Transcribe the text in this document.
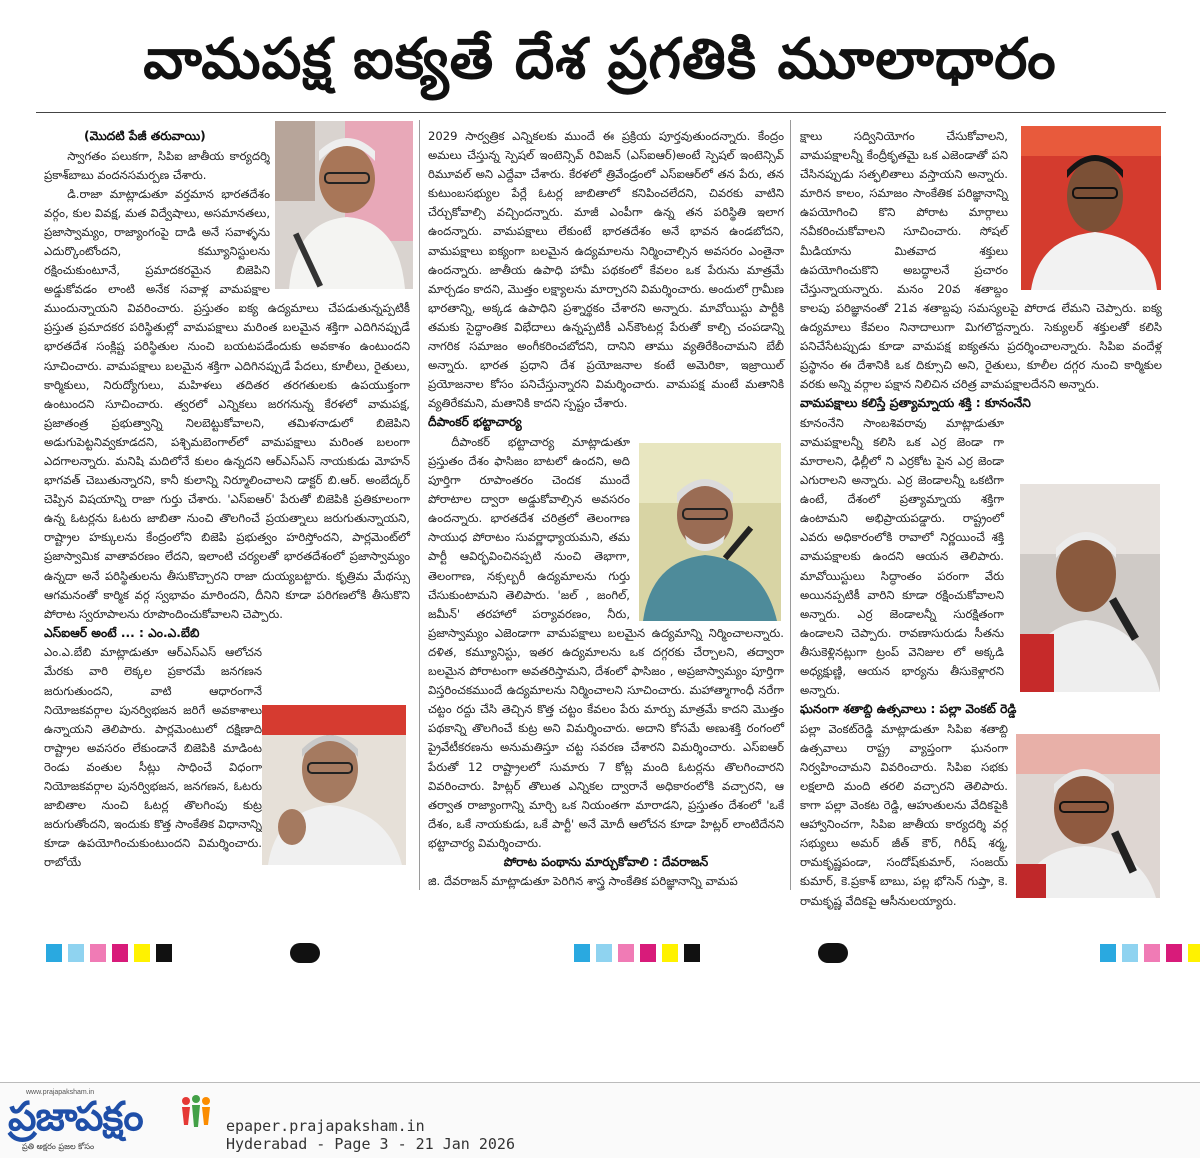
వామపక్ష ఐక్యతే దేశ ప్రగతికి మూలాధారం

(మొదటి పేజీ తరువాయి)

స్వాగతం పలుకగా, సిపిఐ జాతీయ కార్యదర్శి ప్రకాశ్‌బాబు వందనసమర్పణ చేశారు.

డి.రాజా మాట్లాడుతూ వర్తమాన భారతదేశం వర్గం, కుల వివక్ష, మత విద్వేషాలు, అసమానతలు, ప్రజాస్వామ్యం, రాజ్యాంగంపై దాడి అనే సవాళ్ళను ఎదుర్కొంటోందని, కమ్యూనిస్టులను రక్షించుకుంటూనే, ప్రమాదకరమైన బిజెపిని అడ్డుకోవడం లాంటి అనేక సవాళ్ల వామపక్షాల ముందున్నాయని వివరించారు. ప్రస్తుతం ఐక్య ఉద్యమాలు చేపడుతున్నప్పటికీ ప్రస్తుత ప్రమాదకర పరిస్థితుల్లో వామపక్షాలు మరింత బలమైన శక్తిగా ఎదిగినప్పుడే భారతదేశ సంక్లిష్ట పరిస్థితుల నుంచి బయటపడేందుకు అవకాశం ఉంటుందని సూచించారు. వామపక్షాలు బలమైన శక్తిగా ఎదిగినప్పుడే పేదలు, కూలీలు, రైతులు, కార్మికులు, నిరుద్యోగులు, మహిళలు తదితర తరగతులకు ఉపయుక్తంగా ఉంటుందని సూచించారు. త్వరలో ఎన్నికలు జరగనున్న కేరళలో వామపక్ష, ప్రజాతంత్ర ప్రభుత్వాన్ని నిలబెట్టుకోవాలని, తమిళనాడులో బిజెపిని అడుగుపెట్టనివ్వకూడదని, పశ్చిమబెంగాల్‌లో వామపక్షాలు మరింత బలంగా ఎదగాలన్నారు. మనిషి మదిలోనే కులం ఉన్నదని ఆర్‌ఎస్‌ఎస్ నాయకుడు మోహన్ భాగవత్ చెబుతున్నారని, కానీ కులాన్ని నిర్మూలించాలని డాక్టర్ బి.ఆర్. అంబేద్కర్ చెప్పిన విషయాన్ని రాజా గుర్తు చేశారు. 'ఎస్‌ఐఆర్' పేరుతో బిజెపికి ప్రతికూలంగా ఉన్న ఓటర్లను ఓటరు జాబితా నుంచి తొలగించే ప్రయత్నాలు జరుగుతున్నాయని, రాష్ట్రాల హక్కులను కేంద్రంలోని బిజెపి ప్రభుత్వం హరిస్తోందని, పార్లమెంట్‌లో ప్రజాస్వామిక వాతావరణం లేదని, ఇలాంటి చర్యలతో భారతదేశంలో ప్రజాస్వామ్యం ఉన్నదా అనే పరిస్థితులను తీసుకొచ్చారని రాజా దుయ్యబట్టారు. కృత్రిమ మేథస్సు ఆగమనంతో కార్మిక వర్గ స్వభావం మారిందని, దీనిని కూడా పరిగణలోకి తీసుకొని పోరాట స్వరూపాలను రూపొందించుకోవాలని చెప్పారు.

ఎస్‌ఐఆర్ అంటే ... : ఎం.ఎ.బేబి

ఎం.ఎ.బేబి మాట్లాడుతూ ఆర్‌ఎస్‌ఎస్ ఆలోచన మేరకు వారి లెక్కల ప్రకారమే జనగణన జరుగుతుందని, వాటి ఆధారంగానే నియోజకవర్గాల పునర్విభజన జరిగే అవకాశాలు ఉన్నాయని తెలిపారు. పార్లమెంటులో దక్షిణాది రాష్ట్రాల అవసరం లేకుండానే బిజెపికి మాడింట రెండు వంతుల సీట్లు సాధించే విధంగా నియోజకవర్గాల పునర్విభజన, జనగణన, ఓటరు జాబితాల నుంచి ఓటర్ల తొలగింపు కుట్ర జరుగుతోందని, ఇందుకు కొత్త సాంకేతిక విధానాన్ని కూడా ఉపయోగించుకుంటుందని విమర్శించారు. రాబోయే

2029 సార్వత్రిక ఎన్నికలకు ముందే ఈ ప్రక్రియ పూర్తవుతుందన్నారు. కేంద్రం అమలు చేస్తున్న స్పెషల్ ఇంటెన్సివ్ రివిజన్ (ఎస్‌ఐఆర్)అంటే స్పెషల్ ఇంటెన్సివ్ రిమూవల్ అని ఎద్దేవా చేశారు. కేరళలో త్రివేండ్రంలో ఎస్‌ఐఆర్‌లో తన పేరు, తన కుటుంబసభ్యుల పేర్లే ఓటర్ల జాబితాలో కనిపించలేదని, చివరకు వాటిని చేర్చుకోవాల్సి వచ్చిందన్నారు. మాజీ ఎంపీగా ఉన్న తన పరిస్థితి ఇలాగ ఉందన్నారు. వామపక్షాలు లేకుంటే భారతదేశం అనే భావన ఉండబోదని, వామపక్షాలు ఐక్యంగా బలమైన ఉద్యమాలను నిర్మించాల్సిన అవసరం ఎంతైనా ఉందన్నారు. జాతీయ ఉపాధి హామీ పథకంలో కేవలం ఒక పేరును మాత్రమే మార్చడం కాదని, మొత్తం లక్ష్యాలను మార్చారని విమర్శించారు. అందులో గ్రామీణ భారతాన్ని, అక్కడ ఉపాధిని ప్రశ్నార్థకం చేశారని అన్నారు. మావోయిస్టు పార్టీకి తమకు సైద్ధాంతిక విభేదాలు ఉన్నప్పటికీ ఎన్‌కౌంటర్ల పేరుతో కాల్చి చంపడాన్ని నాగరిక సమాజం అంగీకరించబోదని, దానిని తాము వ్యతిరేకించామని బేబీ అన్నారు. భారత ప్రధాని దేశ ప్రయోజనాల కంటే అమెరికా, ఇజ్రాయిల్ ప్రయోజనాల కోసం పనిచేస్తున్నారని విమర్శించారు. వామపక్ష మంటే మతానికి వ్యతిరేకమని, మతానికి కాదని స్పష్టం చేశారు.

దీపాంకర్ భట్టాచార్య

దీపాంకర్ భట్టాచార్య మాట్లాడుతూ ప్రస్తుతం దేశం ఫాసిజం బాటలో ఉందని, అది పూర్తిగా రూపాంతరం చెందక ముందే పోరాటాల ద్వారా అడ్డుకోవాల్సిన అవసరం ఉందన్నారు. భారతదేశ చరిత్రలో తెలంగాణ సాయుధ పోరాటం సువర్ణాధ్యాయమని, తమ పార్టీ ఆవిర్భవించినప్పటి నుంచి తెభాగా, తెలంగాణ, నక్సల్బరీ ఉద్యమాలను గుర్తు చేసుకుంటామని తెలిపారు. 'జల్ , జంగిల్, జమీన్' తరహాలో పర్యావరణం, నీరు, ప్రజాస్వామ్యం ఎజెండాగా వామపక్షాలు బలమైన ఉద్యమాన్ని నిర్మించాలన్నారు. దళిత, కమ్యూనిస్టు, ఇతర ఉద్యమాలను ఒక దగ్గరకు చేర్చాలని, తద్వారా బలమైన పోరాటంగా అవతరిస్తామని, దేశంలో ఫాసిజం , అప్రజాస్వామ్యం పూర్తిగా విస్తరించకముందే ఉద్యమాలను నిర్మించాలని సూచించారు. మహాత్మాగాంధీ నరేగా చట్టం రద్దు చేసి తెచ్చిన కొత్త చట్టం కేవలం పేరు మార్పు మాత్రమే కాదని మొత్తం పథకాన్ని తొలగించే కుట్ర అని విమర్శించారు. అదాని కోసమే అణుశక్తి రంగంలో ప్రైవేటీకరణను అనుమతిస్తూ చట్ట సవరణ చేశారని విమర్శించారు. ఎస్‌ఐఆర్ పేరుతో 12 రాష్ట్రాలలో సుమారు 7 కోట్ల మంది ఓటర్లను తొలగించారని వివరించారు. హిట్లర్ తొలుత ఎన్నికల ద్వారానే అధికారంలోకి వచ్చారని, ఆ తర్వాత రాజ్యాంగాన్ని మార్చి ఒక నియంతగా మారాడని, ప్రస్తుతం దేశంలో 'ఒకే దేశం, ఒకే నాయకుడు, ఒకే పార్టీ' అనే మోదీ ఆలోచన కూడా హిట్లర్ లాంటిదేనని భట్టాచార్య విమర్శించారు.

పోరాట పంథాను మార్చుకోవాలి : దేవరాజన్

జి. దేవరాజన్ మాట్లాడుతూ పెరిగిన శాస్త్ర సాంకేతిక పరిజ్ఞానాన్ని వామప

క్షాలు సద్వినియోగం చేసుకోవాలని, వామపక్షాలన్నీ కేంద్రీకృతమై ఒక ఎజెండాతో పని చేసినప్పుడు సత్ఫలితాలు వస్తాయని అన్నారు. మారిన కాలం, సమాజం సాంకేతిక పరిజ్ఞానాన్ని ఉపయోగించి కొని పోరాట మార్గాలు నవీకరించుకోవాలని సూచించారు. సోషల్ మీడియాను మితవాద శక్తులు ఉపయోగించుకొని అబద్ధాలనే ప్రచారం చేస్తున్నాయన్నారు. మనం 20వ శతాబ్దం కాలపు పరిజ్ఞానంతో 21వ శతాబ్దపు సమస్యలపై పోరాడ లేమని చెప్పారు. ఐక్య ఉద్యమాలు కేవలం నినాదాలుగా మిగలొద్దన్నారు. సెక్యులర్ శక్తులతో కలిసి పనిచేసేటప్పుడు కూడా వామపక్ష ఐక్యతను ప్రదర్శించాలన్నారు. సిపిఐ వందేళ్ల ప్రస్థానం ఈ దేశానికి ఒక దిక్సూచి అని, రైతులు, కూలీల దగ్గర నుంచి కార్మికుల వరకు అన్ని వర్గాల పక్షాన నిలిచిన చరిత్ర వామపక్షాలదేనని అన్నారు.

వామపక్షాలు కలిస్తే ప్రత్యామ్నాయ శక్తి : కూనంనేని

కూనంనేని సాంబశివరావు మాట్లాడుతూ వామపక్షాలన్నీ కలిసి ఒక ఎర్ర జెండా గా మారాలని, ఢిల్లీలో ని ఎర్రకోట పైన ఎర్ర జెండా ఎగురాలని అన్నారు. ఎర్ర జెండాలన్నీ ఒకటిగా ఉంటే, దేశంలో ప్రత్యామ్నాయ శక్తిగా ఉంటామని అభిప్రాయపడ్డారు. రాష్ట్రంలో ఎవరు అధికారంలోకి రావాలో నిర్ణయించే శక్తి వామపక్షాలకు ఉందని ఆయన తెలిపారు. మావోయిస్టులు సిద్ధాంతం పరంగా వేరు అయినప్పటికీ వారిని కూడా రక్షించుకోవాలని అన్నారు. ఎర్ర జెండాలన్నీ సురక్షితంగా ఉండాలని చెప్పారు. రావణాసురుడు సీతను తీసుకెళ్లినట్లుగా ట్రంప్ వెనిజుల లో అక్కడి అధ్యక్షుణ్ణి, ఆయన భార్యను తీసుకెళ్లారని అన్నారు.

ఘనంగా శతాబ్ది ఉత్సవాలు : పల్లా వెంకట్ రెడ్డి

పల్లా వెంకట్‌రెడ్డి మాట్లాడుతూ సిపిఐ శతాబ్ది ఉత్సవాలు రాష్ట్ర వ్యాప్తంగా ఘనంగా నిర్వహించామని వివరించారు. సిపిఐ సభకు లక్షలాది మంది తరలి వచ్చారని తెలిపారు. కాగా పల్లా వెంకట రెడ్డి, ఆహుతులను వేదికపైకి ఆహ్వానించగా, సిపిఐ జాతీయ కార్యదర్శి వర్గ సభ్యులు అమర్ జీత్ కౌర్, గిరీష్ శర్మ, రామకృష్ణపండా, సందోష్‌కుమార్, సంజయ్ కుమార్, కె.ప్రకాశ్ బాబు, పల్ల భోసెన్ గుప్తా, కె. రామకృష్ణ వేదికపై ఆసీనులయ్యారు.

www.prajapaksham.in
ప్రజాపక్షం
ప్రతి అక్షరం ప్రజల కోసం
epaper.prajapaksham.in
Hyderabad - Page 3 - 21 Jan 2026
